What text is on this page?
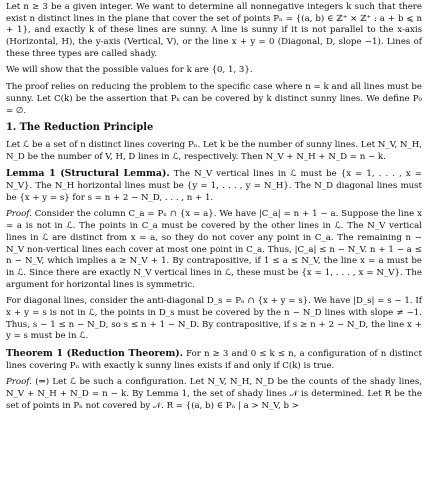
Let n ≥ 3 be a given integer. We want to determine all nonnegative integers k such that there exist n distinct lines in the plane that cover the set of points Pₙ = {(a, b) ∈ ℤ⁺ × ℤ⁺ : a + b ⩽ n + 1}, and exactly k of these lines are sunny. A line is sunny if it is not parallel to the x-axis (Horizontal, H), the y-axis (Vertical, V), or the line x + y = 0 (Diagonal, D, slope −1). Lines of these three types are called shady.

We will show that the possible values for k are {0, 1, 3}.

The proof relies on reducing the problem to the specific case where n = k and all lines must be sunny. Let C(k) be the assertion that Pₖ can be covered by k distinct sunny lines. We define P₀ = ∅.

1. The Reduction Principle

Let ℒ be a set of n distinct lines covering Pₙ. Let k be the number of sunny lines. Let N_V, N_H, N_D be the number of V, H, D lines in ℒ, respectively. Then N_V + N_H + N_D = n − k.

Lemma 1 (Structural Lemma). The N_V vertical lines in ℒ must be {x = 1, . . . , x = N_V}. The N_H horizontal lines must be {y = 1, . . . , y = N_H}. The N_D diagonal lines must be {x + y = s} for s = n + 2 − N_D, . . . , n + 1.

Proof. Consider the column C_a = Pₙ ∩ {x = a}. We have |C_a| = n + 1 − a. Suppose the line x = a is not in ℒ. The points in C_a must be covered by the other lines in ℒ. The N_V vertical lines in ℒ are distinct from x = a, so they do not cover any point in C_a. The remaining n − N_V non-vertical lines each cover at most one point in C_a. Thus, |C_a| ≤ n − N_V. n + 1 − a ≤ n − N_V, which implies a ≥ N_V + 1. By contrapositive, if 1 ≤ a ≤ N_V, the line x = a must be in ℒ. Since there are exactly N_V vertical lines in ℒ, these must be {x = 1, . . . , x = N_V}. The argument for horizontal lines is symmetric.

For diagonal lines, consider the anti-diagonal D_s = Pₙ ∩ {x + y = s}. We have |D_s| = s − 1. If x + y = s is not in ℒ, the points in D_s must be covered by the n − N_D lines with slope ≠ −1. Thus, s − 1 ≤ n − N_D, so s ≤ n + 1 − N_D. By contrapositive, if s ≥ n + 2 − N_D, the line x + y = s must be in ℒ.

Theorem 1 (Reduction Theorem). For n ≥ 3 and 0 ≤ k ≤ n, a configuration of n distinct lines covering Pₙ with exactly k sunny lines exists if and only if C(k) is true.

Proof. (⇒) Let ℒ be such a configuration. Let N_V, N_H, N_D be the counts of the shady lines, N_V + N_H + N_D = n − k. By Lemma 1, the set of shady lines 𝒩 is determined. Let R be the set of points in Pₙ not covered by 𝒩. R = {(a, b) ∈ Pₙ | a > N_V, b >
